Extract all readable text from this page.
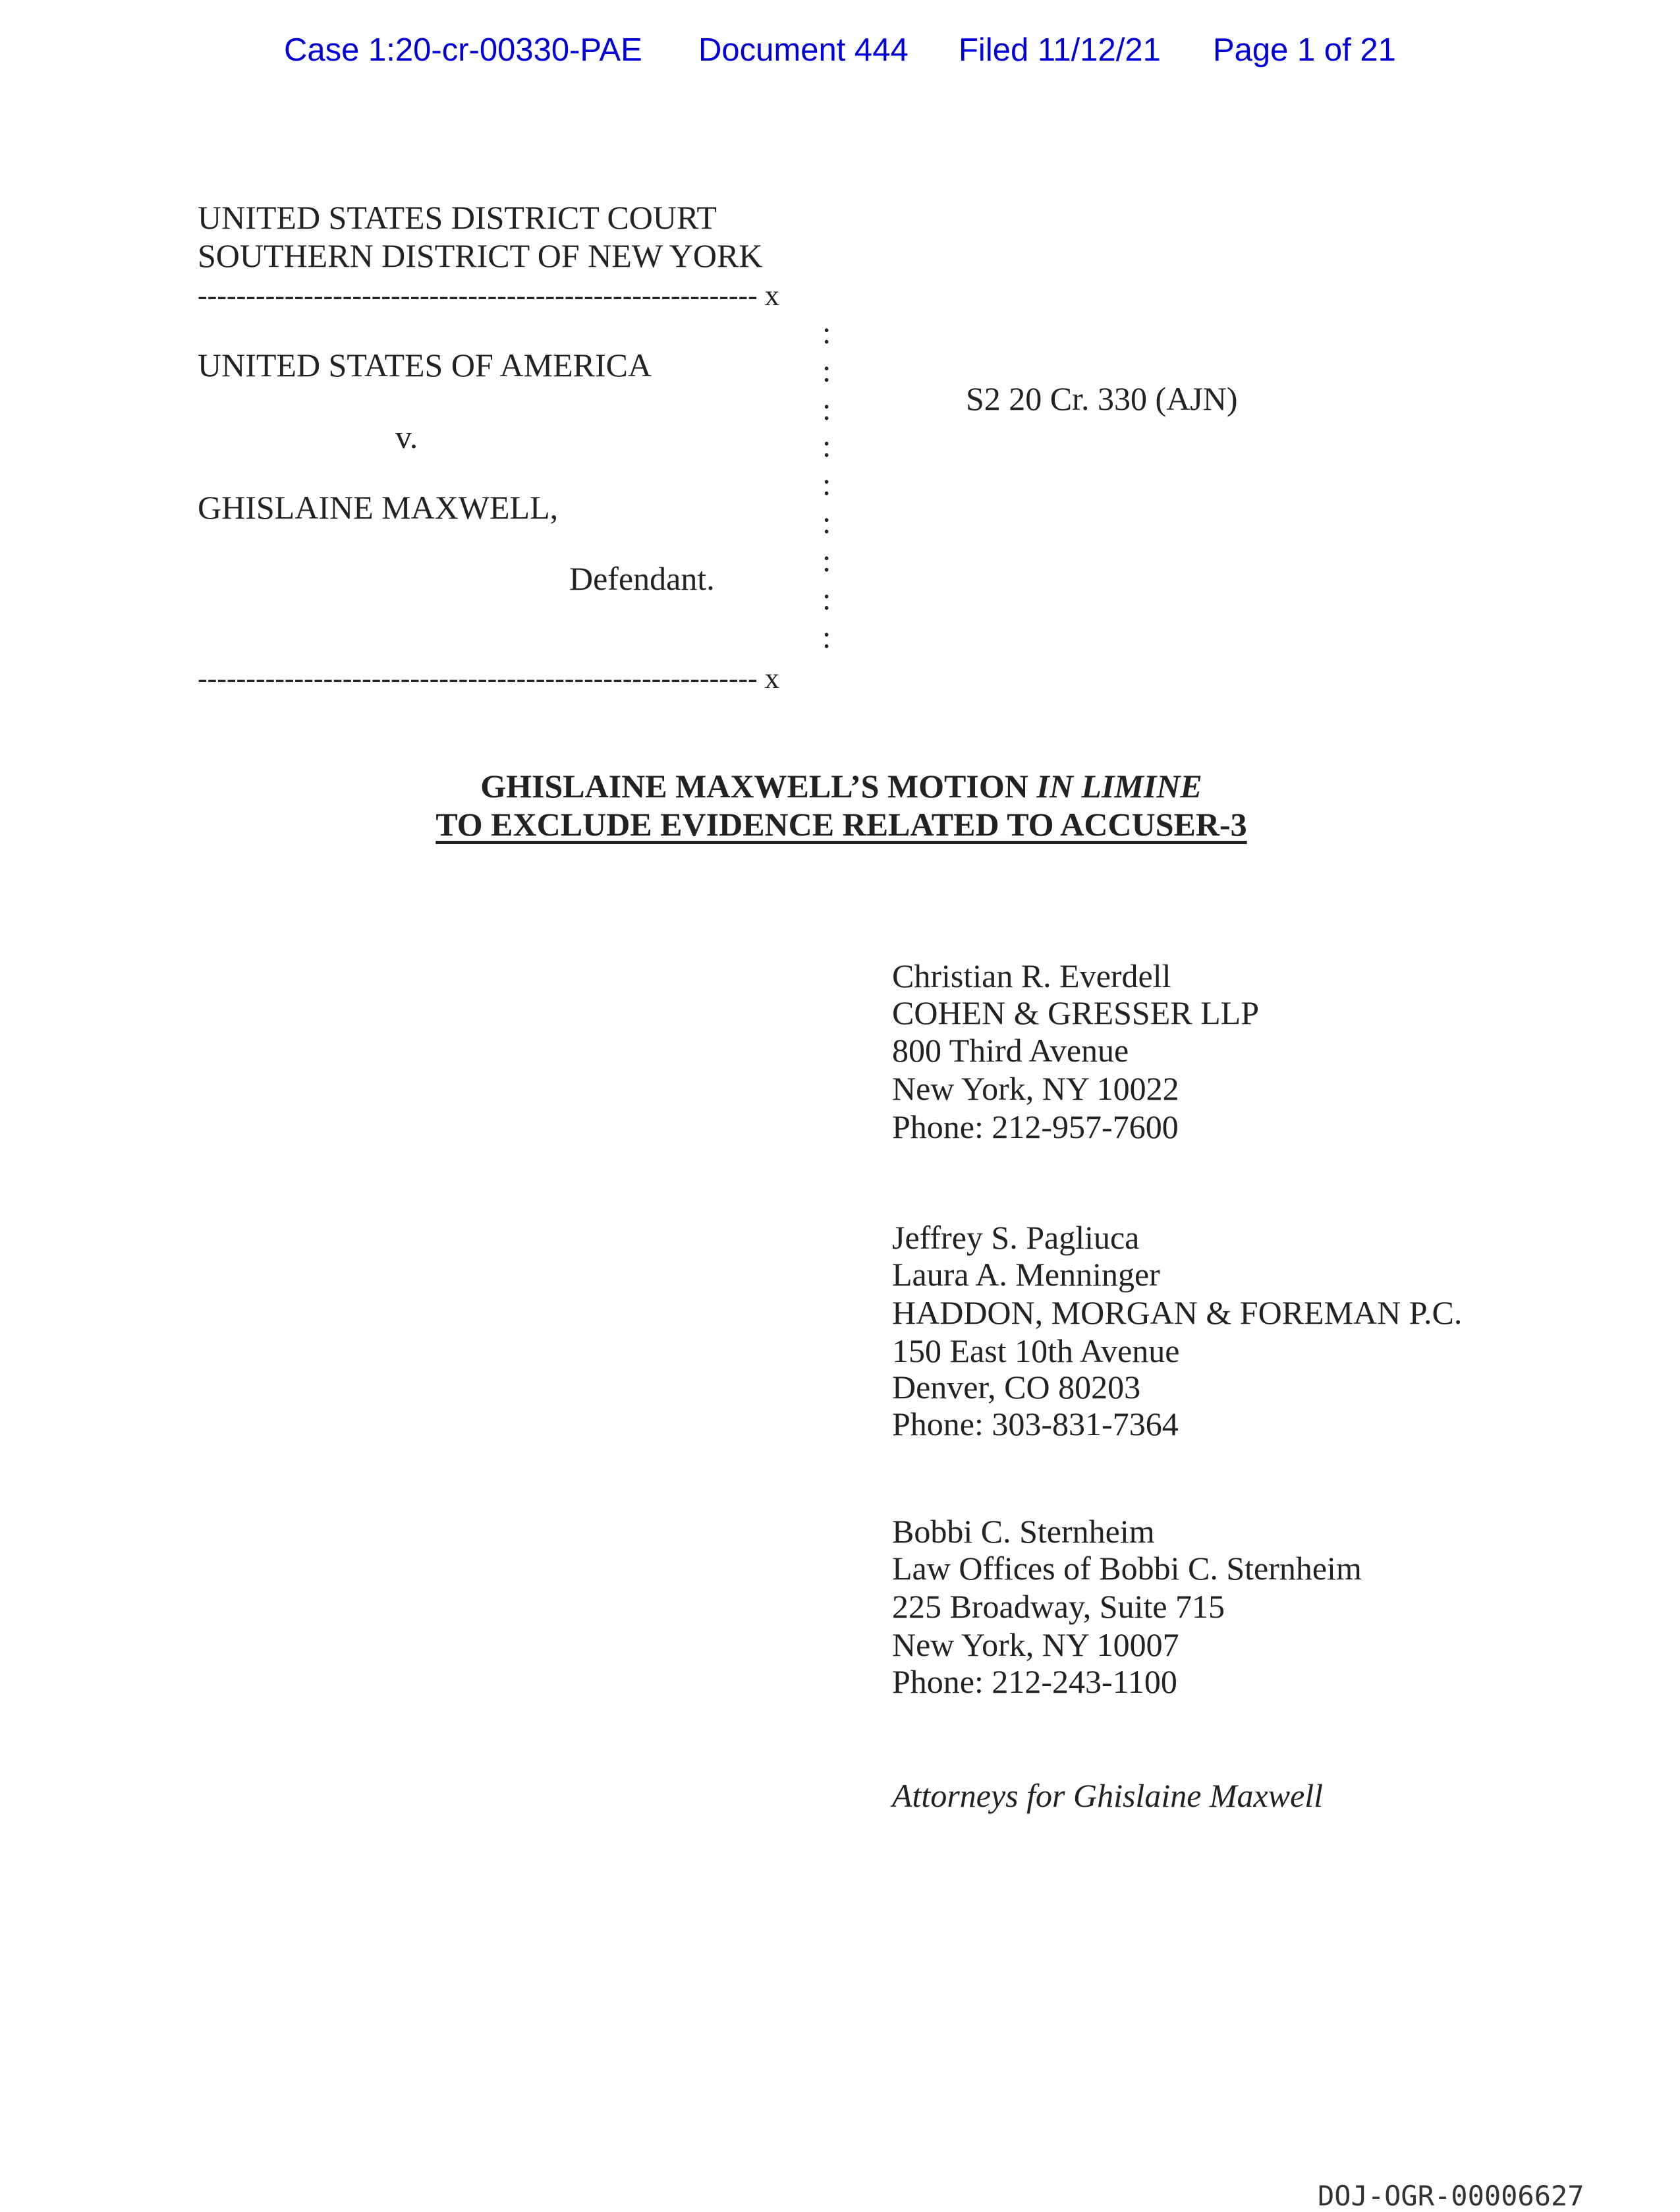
Case 1:20-cr-00330-PAE Document 444 Filed 11/12/21 Page 1 of 21
UNITED STATES DISTRICT COURT
SOUTHERN DISTRICT OF NEW YORK
---------------------------------------------------------- x
:
:
:
:
:
:
:
:
:
UNITED STATES OF AMERICA
v.
GHISLAINE MAXWELL,
Defendant.
---------------------------------------------------------- x
S2 20 Cr. 330 (AJN)
GHISLAINE MAXWELL’S MOTION IN LIMINE
TO EXCLUDE EVIDENCE RELATED TO ACCUSER-3
Christian R. Everdell
COHEN & GRESSER LLP
800 Third Avenue
New York, NY 10022
Phone: 212-957-7600
Jeffrey S. Pagliuca
Laura A. Menninger
HADDON, MORGAN & FOREMAN P.C.
150 East 10th Avenue
Denver, CO 80203
Phone: 303-831-7364
Bobbi C. Sternheim
Law Offices of Bobbi C. Sternheim
225 Broadway, Suite 715
New York, NY 10007
Phone: 212-243-1100
Attorneys for Ghislaine Maxwell
DOJ-OGR-00006627
